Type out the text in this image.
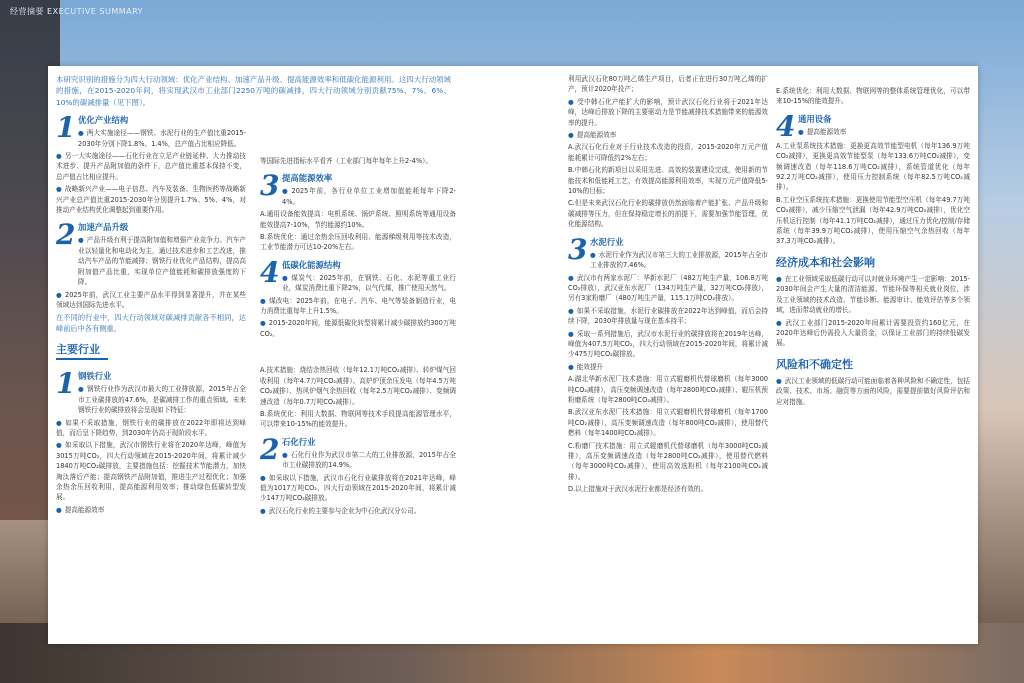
经营摘要 EXECUTIVE SUMMARY
本研究识别的措施分为四大行动领域：优化产业结构、加速产品升级、提高能源效率和低碳化能源利用。这四大行动领域的措施，在2015-2020年间，将实现武汉市工业部门2250万吨的碳减排，四大行动领域分别贡献75%、7%、6%、10%的碳减排量（见下图）。
1 优化产业结构
● 两大实施途径——钢铁、水泥行业的生产值比重2015-2030年分别下降1.8%、1.4%，总产值占比相应降低。
● 另一大实施途径——石化行业在立足产业链延伸、大力推动技术进步、提升产品附加值的条件下，总产值比重基本保持不变，总产值占比相应提升。
● 战略新兴产业——电子信息、汽车及装备、生物医药等战略新兴产业总产值比重2015-2030年分别提升1.7%、5%、4%，对推动产业结构优化调整起到重要作用。
2 加速产品升级
● 产品升级有利于提高附加值和增强产业竞争力。汽车产业以轻量化和电动化为主，通过技术进步和工艺改进，推动汽车产品的节能减排；钢铁行业优化产品结构，提高高附加值产品比重，实现单位产值能耗和碳排放强度的下降。
● 2025年前，武汉工业主要产品水平得到显著提升，并在某些领域达到国际先进水平。
在不同的行业中，四大行动领域对碳减排贡献各不相同，达峰前后中各有侧重。
主要行业
1 钢铁行业
● 钢铁行业作为武汉市最大的工业排放源，2015年占全市工业碳排放的47.6%，是碳减排工作的重点领域。未来钢铁行业的碳排放将会呈现如下特征：
● 如果不采取措施，钢铁行业的碳排放在2022年即将达到峰值，而后呈下降趋势，到2030年仍高于现阶段水平。
● 如采取以下措施，武汉市钢铁行业将在2020年达峰，峰值为3015万吨CO₂，四大行动领域在2015-2020年间，将累计减少1840万吨CO₂碳排放，主要措施包括：挖掘技术节能潜力，加快淘汰落后产能；提高钢铁产品附加值，推进生产过程优化；加强余热余压回收利用，提高能源利用效率；推动绿色低碳转型发展。
● 提高能源效率
等国际先进指标水平看齐（工业部门每年每年上升2-4%）。
3 提高能源效率
● 2025年前，各行业单位工业增加值能耗每年下降2-4%。
A.通用设备能效提高：电机系统、锅炉系统、照明系统等通用设备能效提高7-10%，节约能源约10%。
B.系统优化：通过余热余压回收利用、能源梯级利用等技术改造，工业节能潜力可达10-20%左右。
4 低碳化能源结构
● 煤炭气：2025年前，在钢铁、石化、水泥等重工业行业，煤炭消费比重下降2%，以气代煤，推广使用天然气。
● 煤改电：2025年前，在电子、汽车、电气等装备制造行业，电力消费比重每年上升1.5%。
● 2015-2020年间，能源低碳化转型将累计减少碳排放约300万吨CO₂。
A.技术措施：烧结余热回收（每年12.1万吨CO₂减排）、转炉煤气回收利用（每年4.7万吨CO₂减排）、高炉炉顶余压发电（每年4.5万吨CO₂减排）、热风炉烟气余热回收（每年2.5万吨CO₂减排）、变频调速改造（每年0.7万吨CO₂减排）。
B.系统优化：利用大数据、物联网等技术手段提高能源管理水平，可以带来10-15%的能效提升。
2 石化行业
● 石化行业作为武汉市第二大的工业排放源，2015年占全市工业碳排放的14.9%。
● 如采取以下措施，武汉市石化行业碳排放将在2021年达峰，峰值为1017万吨CO₂，四大行动领域在2015-2020年间，将累计减少147万吨CO₂碳排放。
● 武汉石化行业的主要参与企业为中石化武汉分公司。
利用武汉石化80万吨乙烯生产项目，后者正在进行30万吨乙烯的扩产，预计2020年投产；
● 受中韩石化产能扩大的影响，预计武汉石化行业将于2021年达峰，达峰后排放下降的主要驱动力是节能减排技术措施带来的能源效率的提升。
● 提高能源效率
A.武汉石化行业对于行业技术改造的投资，2015-2020年万元产值能耗累计可降低约2%左右；
B.中韩石化的新项目以采用先进、高效的装置建设完成，使用新的节能技术和低能耗工艺，有效提高能源利用效率，实现万元产值降低5-10%的目标；
C.但是未来武汉石化行业的碳排放仍然面临着产能扩张、产品升级和碳减排等压力，但在保持稳定增长的前提下，需要加强节能管理，优化能源结构。
3 水泥行业
● 水泥行业作为武汉市第三大的工业排放源，2015年占全市工业排放的7.46%。
● 武汉市有两家水泥厂：华新水泥厂（482万吨生产量，106.8万吨CO₂排放），武汉亚东水泥厂（134万吨生产量，32万吨CO₂排放），另有3家粉磨厂（480万吨生产量，115.1万吨CO₂排放）。
● 如果不采取措施，水泥行业碳排放在2022年达到峰值，而后会持续下降，2030年排放量与现在基本持平；
● 采取一系列措施后，武汉市水泥行业的碳排放将在2019年达峰，峰值为407.5万吨CO₂，四大行动领域在2015-2020年间，将累计减少475万吨CO₂碳排放。
● 能效提升
A.湖北华新水泥厂技术措施：用立式辊磨机代替球磨机（每年3000吨CO₂减排），高压变频调速改造（每年2800吨CO₂减排）、辊压机预粉磨系统（每年2800吨CO₂减排）。
B.武汉亚东水泥厂技术措施：用立式辊磨机代替球磨机（每年1700吨CO₂减排），高压变频调速改造（每年800吨CO₂减排），使用替代燃料（每年1400吨CO₂减排）。
C.粉磨厂技术措施：用立式辊磨机代替球磨机（每年3000吨CO₂减排），高压变频调速改造（每年2800吨CO₂减排），使用替代燃料（每年3000吨CO₂减排），使用高效选粉机（每年2100吨CO₂减排）。
D.以上措施对于武汉水泥行业都是经济有效的。
E.系统优化：利用大数据、物联网等的整体系统管理优化，可以带来10-15%的能效提升。
4 通用设备
● 提高能源效率
A.工业泵系统技术措施：更换更高效节能型电机（每年136.9万吨CO₂减排），更换更高效节能型泵（每年133.6万吨CO₂减排），变频调速改造（每年118.6万吨CO₂减排），系统管道优化（每年92.2万吨CO₂减排），使用压力控制系统（每年82.5万吨CO₂减排）。
B.工业空压系统技术措施：更换使用节能型空压机（每年49.7万吨CO₂减排），减少压缩空气泄漏（每年42.9万吨CO₂减排），优化空压机运行控制（每年41.1万吨CO₂减排），通过压力优化/控制/存储系统（每年39.9万吨CO₂减排），使用压缩空气余热回收（每年37.3万吨CO₂减排）。
经济成本和社会影响
● 在工业领域采取低碳行动可以对就业环境产生一定影响：2015-2030年间会产生大量的清洁能源、节能环保等相关就业岗位，涉及工业领域的技术改造、节能诊断、能源审计、能效评估等多个领域，进而带动就业的增长。
● 武汉工业部门2015-2020年间累计需要投资约160亿元，在2020年达峰后仍需投入大量资金，以保证工业部门的持续低碳发展。
风险和不确定性
● 武汉工业领域的低碳行动可能面临着各种风险和不确定性，包括政策、技术、市场、融资等方面的风险，需要提前做好风险评估和应对措施。
